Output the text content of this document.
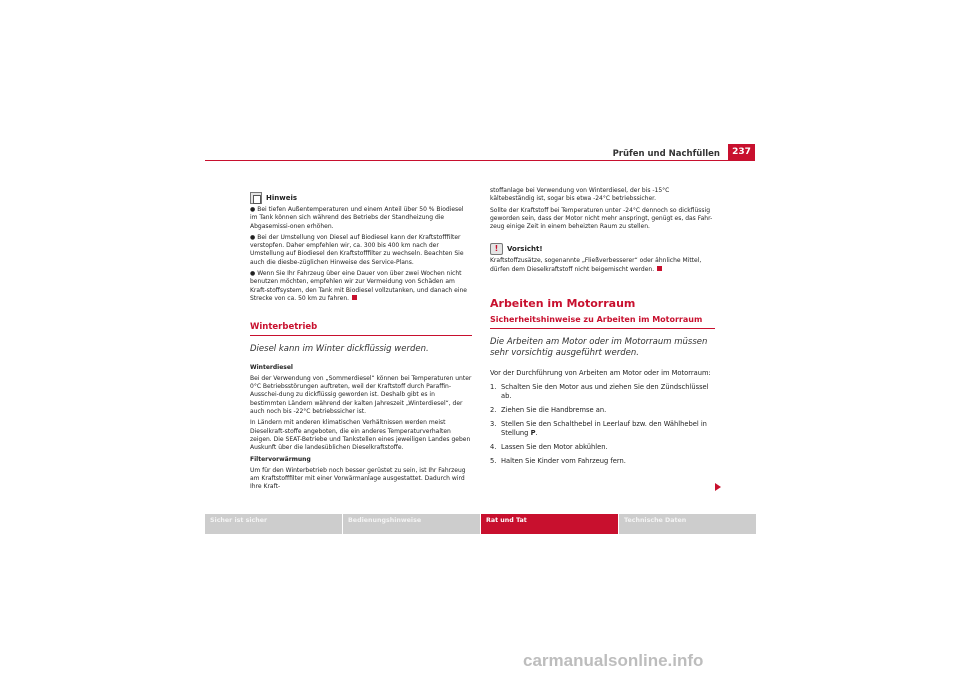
Prüfen und Nachfüllen	237
Hinweis

● Bei tiefen Außentemperaturen und einem Anteil über 50 % Biodiesel im Tank können sich während des Betriebs der Standheizung die Abgasemissi-onen erhöhen.

● Bei der Umstellung von Diesel auf Biodiesel kann der Kraftstofffilter verstopfen. Daher empfehlen wir, ca. 300 bis 400 km nach der Umstellung auf Biodiesel den Kraftstofffilter zu wechseln. Beachten Sie auch die diesbe-züglichen Hinweise des Service-Plans.

● Wenn Sie Ihr Fahrzeug über eine Dauer von über zwei Wochen nicht benutzen möchten, empfehlen wir zur Vermeidung von Schäden am Kraft-stoffsystem, den Tank mit Biodiesel vollzutanken, und danach eine Strecke von ca. 50 km zu fahren.

Winterbetrieb
Diesel kann im Winter dickflüssig werden.

Winterdiesel

Bei der Verwendung von „Sommerdiesel“ können bei Temperaturen unter 0°C Betriebsstörungen auftreten, weil der Kraftstoff durch Paraffin-Ausschei-dung zu dickflüssig geworden ist. Deshalb gibt es in bestimmten Ländern während der kalten Jahreszeit „Winterdiesel“, der auch noch bis -22°C betriebssicher ist.

In Ländern mit anderen klimatischen Verhältnissen werden meist Dieselkraft-stoffe angeboten, die ein anderes Temperaturverhalten zeigen. Die SEAT-Betriebe und Tankstellen eines jeweiligen Landes geben Auskunft über die landesüblichen Dieselkraftstoffe.

Filtervorwärmung

Um für den Winterbetrieb noch besser gerüstet zu sein, ist Ihr Fahrzeug am Kraftstofffilter mit einer Vorwärmanlage ausgestattet. Dadurch wird Ihre Kraft-

stoffanlage bei Verwendung von Winterdiesel, der bis -15°C kältebeständig ist, sogar bis etwa -24°C betriebssicher.

Sollte der Kraftstoff bei Temperaturen unter -24°C dennoch so dickflüssig geworden sein, dass der Motor nicht mehr anspringt, genügt es, das Fahr-zeug einige Zeit in einem beheizten Raum zu stellen.

!	Vorsicht!

Kraftstoffzusätze, sogenannte „Fließverbesserer“ oder ähnliche Mittel, dürfen dem Dieselkraftstoff nicht beigemischt werden.

Arbeiten im Motorraum
Sicherheitshinweise zu Arbeiten im Motorraum
Die Arbeiten am Motor oder im Motorraum müssen sehr vorsichtig ausgeführt werden.
Vor der Durchführung von Arbeiten am Motor oder im Motorraum:
1. Schalten Sie den Motor aus und ziehen Sie den Zündschlüssel ab.
2. Ziehen Sie die Handbremse an.
3. Stellen Sie den Schalthebel in Leerlauf bzw. den Wählhebel in Stellung P.
4. Lassen Sie den Motor abkühlen.
5. Halten Sie Kinder vom Fahrzeug fern.
Sicher ist sicher	Bedienungshinweise	Rat und Tat	Technische Daten
carmanualsonline.info
